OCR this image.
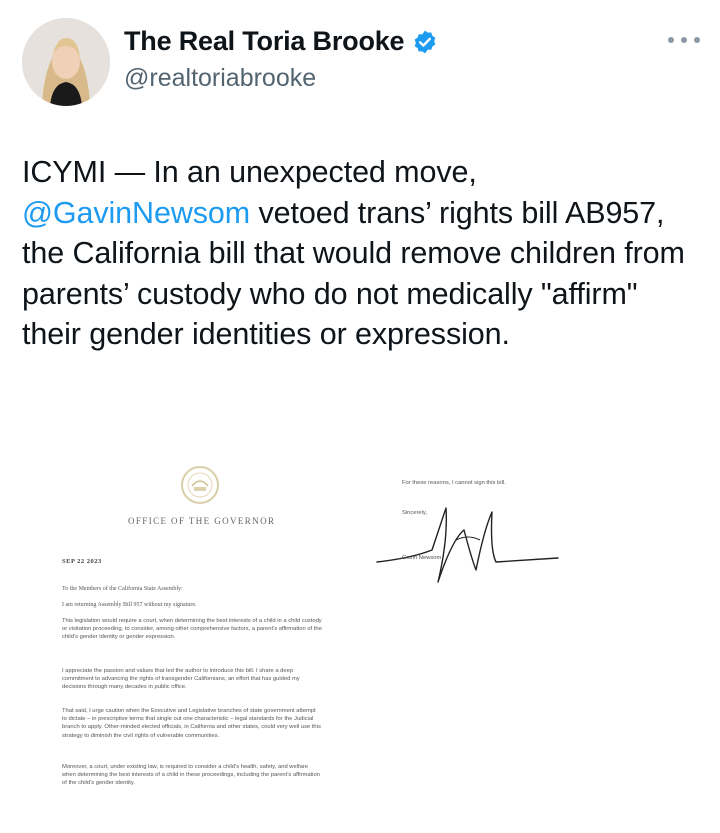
The Real Toria Brooke
@realtoriabrooke
ICYMI — In an unexpected move, @GavinNewsom vetoed trans’ rights bill AB957, the California bill that would remove children from parents’ custody who do not medically "affirm" their gender identities or expression.
OFFICE OF THE GOVERNOR
SEP 22 2023
To the Members of the California State Assembly:
I am returning Assembly Bill 957 without my signature.
This legislation would require a court, when determining the best interests of a child in a child custody or visitation proceeding, to consider, among other comprehensive factors, a parent’s affirmation of the child’s gender identity or gender expression.
I appreciate the passion and values that led the author to introduce this bill. I share a deep commitment to advancing the rights of transgender Californians, an effort that has guided my decisions through many decades in public office.
That said, I urge caution when the Executive and Legislative branches of state government attempt to dictate – in prescriptive terms that single out one characteristic – legal standards for the Judicial branch to apply. Other-minded elected officials, in California and other states, could very well use this strategy to diminish the civil rights of vulnerable communities.
Moreover, a court, under existing law, is required to consider a child’s health, safety, and welfare when determining the best interests of a child in these proceedings, including the parent’s affirmation of the child’s gender identity.
For these reasons, I cannot sign this bill.
Sincerely,
Gavin Newsom
